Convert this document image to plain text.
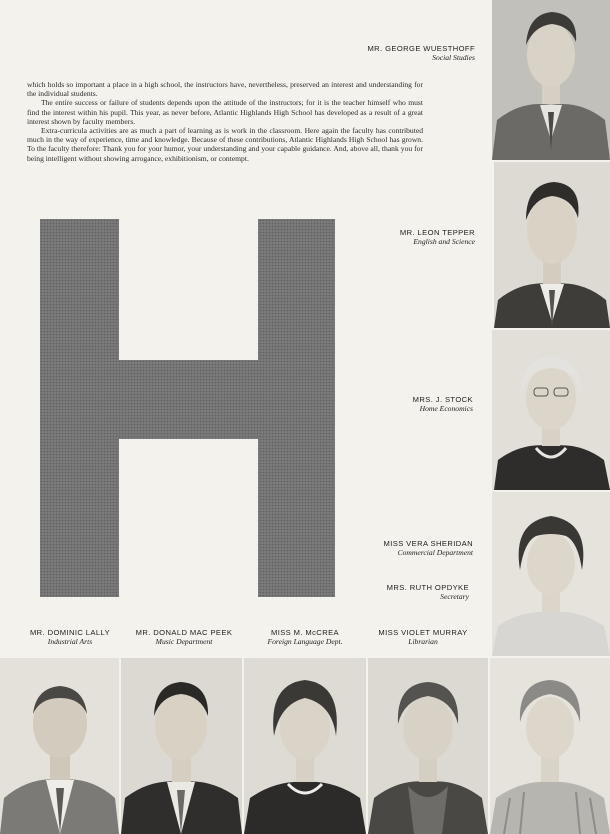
which holds so important a place in a high school, the instructors have, nevertheless, preserved an interest and understanding for the individual students.

The entire success or failure of students depends upon the attitude of the instructors; for it is the teacher himself who must find the interest within his pupil. This year, as never before, Atlantic Highlands High School has developed as a result of a great interest shown by faculty members.

Extra-curricula activities are as much a part of learning as is work in the classroom. Here again the faculty has contributed much in the way of experience, time and knowledge. Because of these contributions, Atlantic Highlands High School has grown. To the faculty therefore: Thank you for your humor, your understanding and your capable guidance. And, above all, thank you for being intelligent without showing arrogance, exhibitionism, or contempt.

MR. GEORGE WUESTHOFF
Social Studies
MR. LEON TEPPER
English and Science
MRS. J. STOCK
Home Economics
MISS VERA SHERIDAN
Commercial Department
MRS. RUTH OPDYKE
Secretary
MR. DOMINIC LALLY
Industrial Arts
MR. DONALD MAC PEEK
Music Department
MISS M. McCREA
Foreign Language Dept.
MISS VIOLET MURRAY
Librarian
